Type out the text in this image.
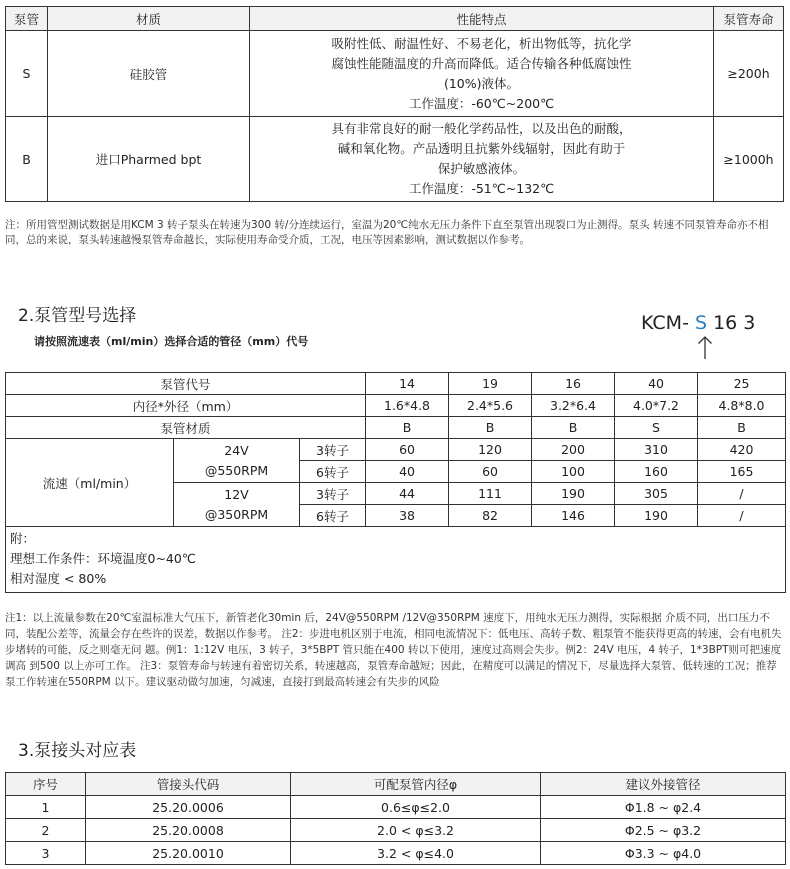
泵管	材质	性能特点	泵管寿命
S	硅胶管	吸附性低、耐温性好、不易老化，析出物低等，抗化学
腐蚀性能随温度的升高而降低。适合传输各种低腐蚀性
(10%)液体。
工作温度：-60℃~200℃	≥200h
B	进口Pharmed bpt	具有非常良好的耐一般化学药品性，以及出色的耐酸，
碱和氧化物。产品透明且抗紫外线辐射，因此有助于
保护敏感液体。
工作温度：-51℃~132℃	≥1000h
注：所用管型测试数据是用KCM 3 转子泵头在转速为300 转/分连续运行，室温为20℃纯水无压力条件下直至泵管出现裂口为止测得。泵头 转速不同泵管寿命亦不相同，总的来说，泵头转速越慢泵管寿命越长，实际使用寿命受介质，工况，电压等因素影响，测试数据以作参考。
2.泵管型号选择
请按照流速表（ml/min）选择合适的管径（mm）代号
KCM- S 16 3
泵管代号			14	19	16	40	25
内径*外径（mm）			1.6*4.8	2.4*5.6	3.2*6.4	4.0*7.2	4.8*8.0
泵管材质			B	B	B	S	B
流速（ml/min）	24V
@550RPM	3转子	60	120	200	310	420
		6转子	40	60	100	160	165

	12V
@350RPM	3转子	44	111	190	305	/
		6转子	38	82	146	190	/

附：
理想工作条件：环境温度0~40℃
相对湿度 < 80%							
注1：以上流量参数在20℃室温标准大气压下，新管老化30min 后，24V@550RPM /12V@350RPM 速度下，用纯水无压力测得，实际根据 介质不同，出口压力不同，装配公差等，流量会存在些许的误差，数据以作参考。 注2：步进电机区别于电流，相同电流情况下：低电压、高转子数、粗泵管不能获得更高的转速，会有电机失步堵转的可能，反之则毫无问 题。例1：1:12V 电压，3 转子，3*5BPT 管只能在400 转以下使用，速度过高则会失步。例2：24V 电压，4 转子，1*3BPT则可把速度调高 到500 以上亦可工作。 注3：泵管寿命与转速有着密切关系，转速越高，泵管寿命越短；因此，在精度可以满足的情况下，尽量选择大泵管、低转速的工况；推荐 泵工作转速在550RPM 以下。建议驱动做匀加速，匀减速，直接打到最高转速会有失步的风险
3.泵接头对应表
序号	管接头代码	可配泵管内径φ	建议外接管径
1	25.20.0006	0.6≤φ≤2.0	Φ1.8 ~ φ2.4
2	25.20.0008	2.0 < φ≤3.2	Φ2.5 ~ φ3.2
3	25.20.0010	3.2 < φ≤4.0	Φ3.3 ~ φ4.0
